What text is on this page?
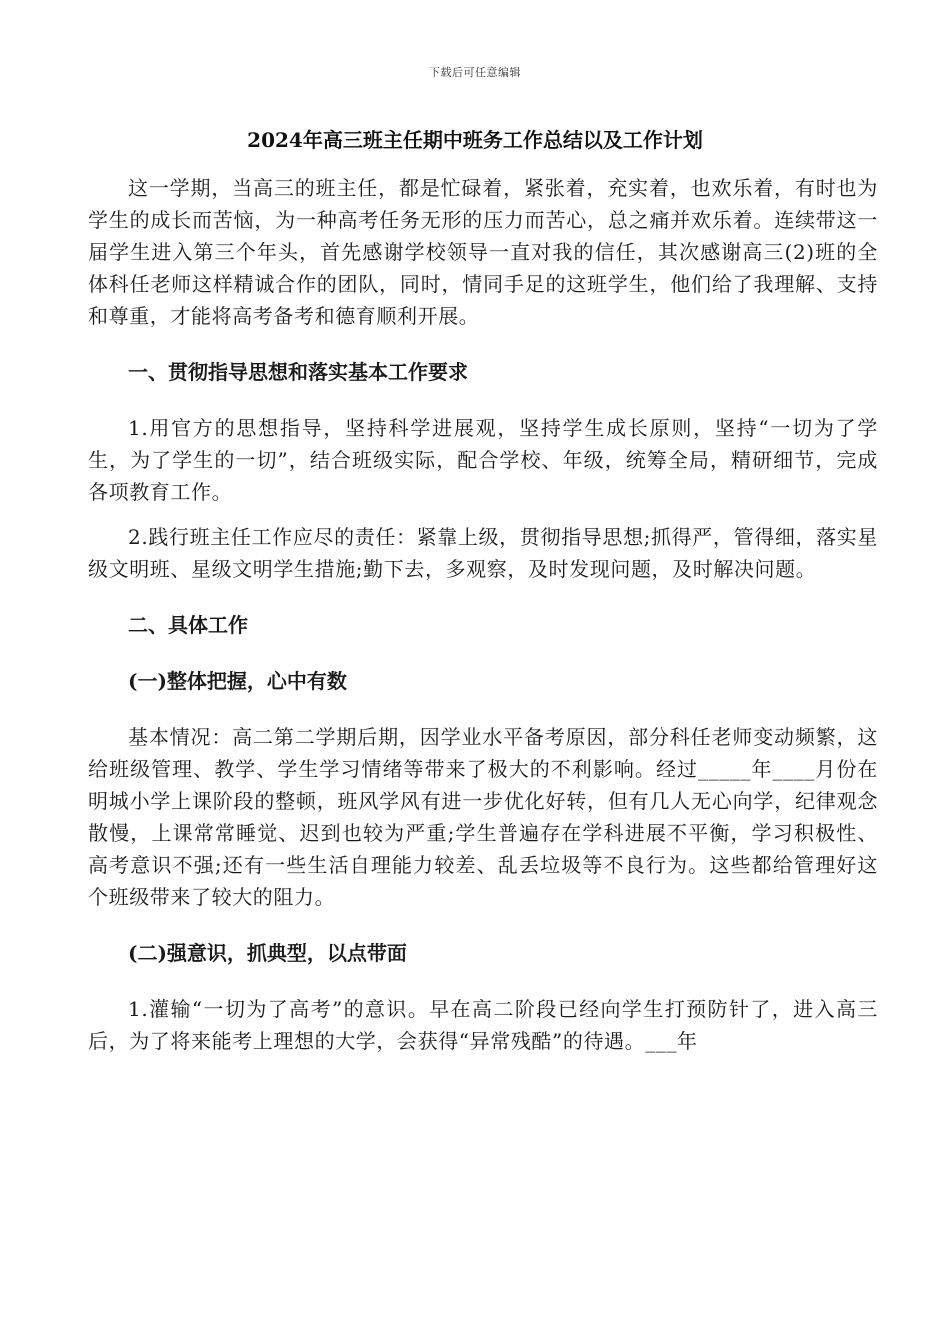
下载后可任意编辑
2024年高三班主任期中班务工作总结以及工作计划

这一学期，当高三的班主任，都是忙碌着，紧张着，充实着，也欢乐着，有时也为学生的成长而苦恼，为一种高考任务无形的压力而苦心，总之痛并欢乐着。连续带这一届学生进入第三个年头，首先感谢学校领导一直对我的信任，其次感谢高三(2)班的全体科任老师这样精诚合作的团队，同时，情同手足的这班学生，他们给了我理解、支持和尊重，才能将高考备考和德育顺利开展。

一、贯彻指导思想和落实基本工作要求

1.用官方的思想指导，坚持科学进展观，坚持学生成长原则，坚持“一切为了学生，为了学生的一切”，结合班级实际，配合学校、年级，统筹全局，精研细节，完成各项教育工作。

2.践行班主任工作应尽的责任：紧靠上级，贯彻指导思想;抓得严，管得细，落实星级文明班、星级文明学生措施;勤下去，多观察，及时发现问题，及时解决问题。

二、具体工作

(一)整体把握，心中有数

基本情况：高二第二学期后期，因学业水平备考原因，部分科任老师变动频繁，这给班级管理、教学、学生学习情绪等带来了极大的不利影响。经过_____年____月份在明城小学上课阶段的整顿，班风学风有进一步优化好转，但有几人无心向学，纪律观念散慢，上课常常睡觉、迟到也较为严重;学生普遍存在学科进展不平衡，学习积极性、高考意识不强;还有一些生活自理能力较差、乱丢垃圾等不良行为。这些都给管理好这个班级带来了较大的阻力。

(二)强意识，抓典型，以点带面

1.灌输“一切为了高考”的意识。早在高二阶段已经向学生打预防针了，进入高三后，为了将来能考上理想的大学，会获得“异常残酷”的待遇。___年
